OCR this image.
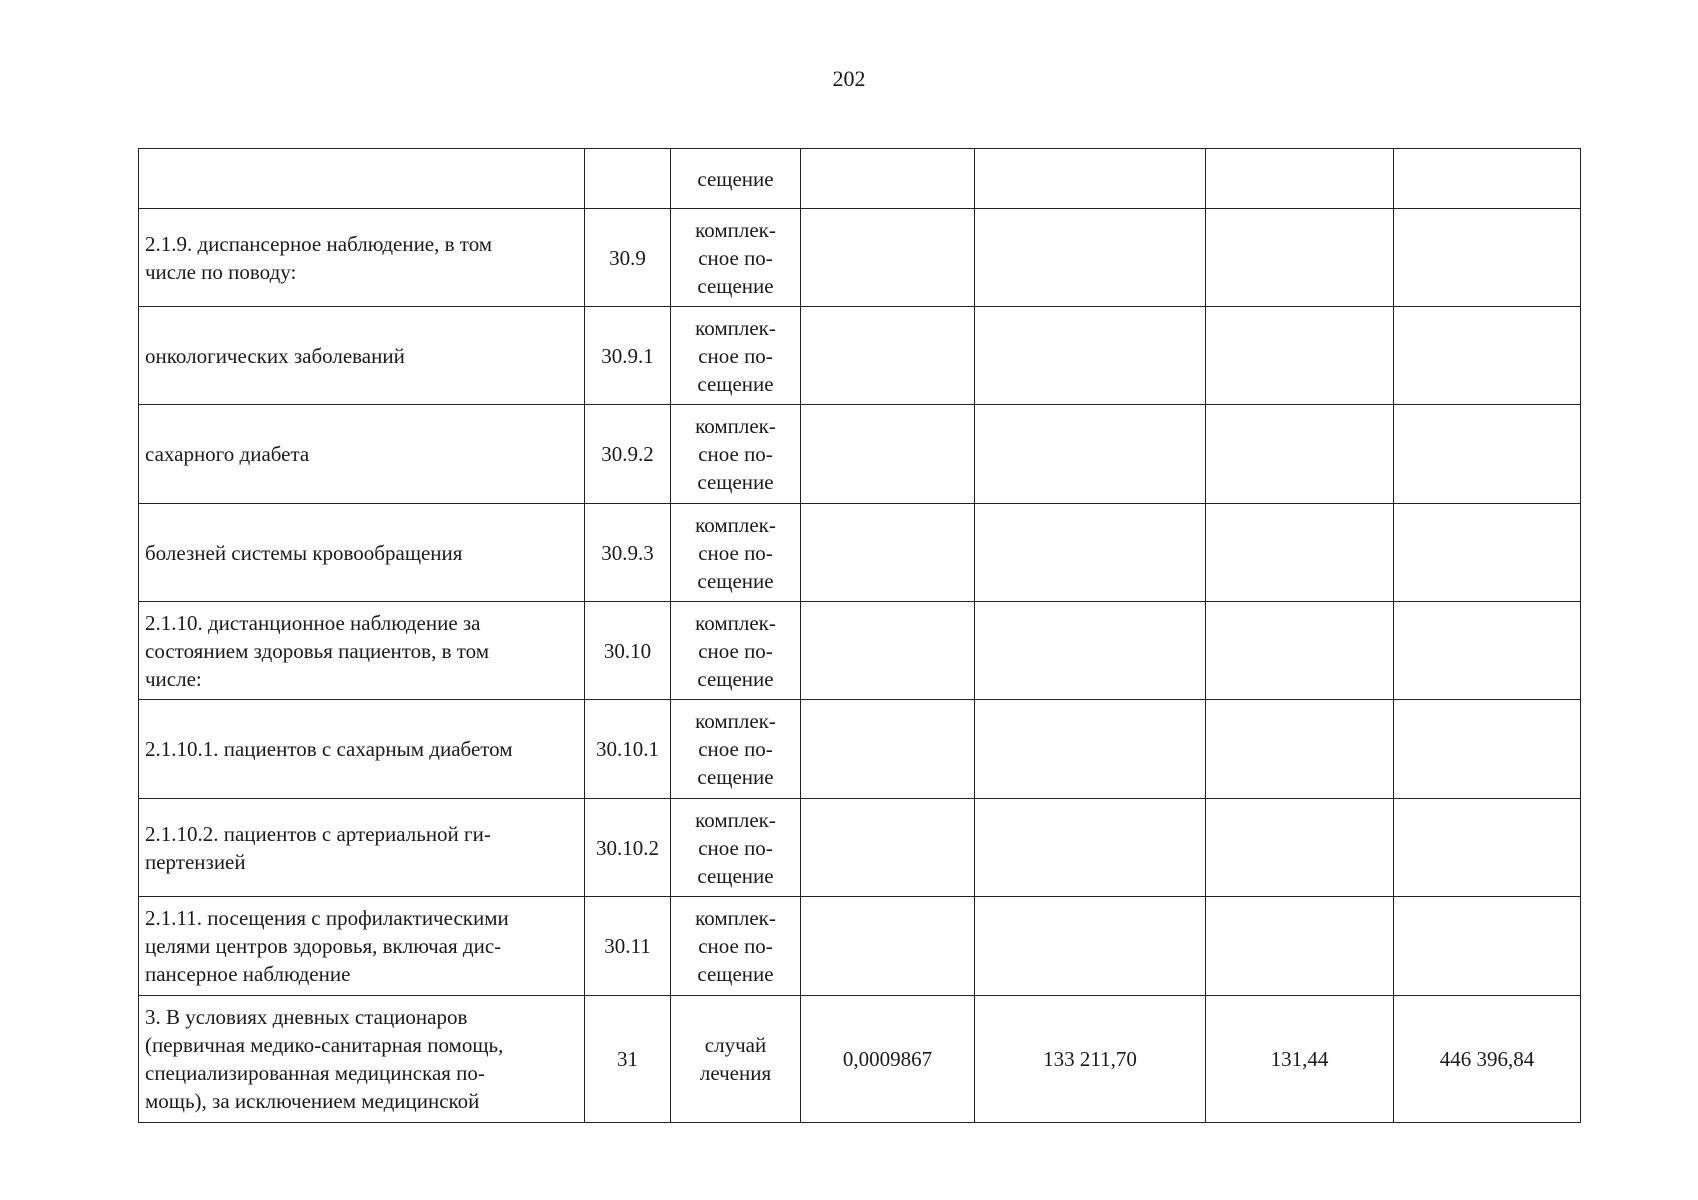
202

		сещение				

2.1.9. диспансерное наблюдение, в том
числе по поводу:	30.9	комплек-
сное по-
сещение				

онкологических заболеваний	30.9.1	комплек-
сное по-
сещение				

сахарного диабета	30.9.2	комплек-
сное по-
сещение				

болезней системы кровообращения	30.9.3	комплек-
сное по-
сещение				

2.1.10. дистанционное наблюдение за
состоянием здоровья пациентов, в том
числе:	30.10	комплек-
сное по-
сещение				

2.1.10.1. пациентов с сахарным диабетом	30.10.1	комплек-
сное по-
сещение				

2.1.10.2. пациентов с артериальной ги-
пертензией	30.10.2	комплек-
сное по-
сещение				

2.1.11. посещения с профилактическими
целями центров здоровья, включая дис-
пансерное наблюдение	30.11	комплек-
сное по-
сещение				

3. В условиях дневных стационаров
(первичная медико-санитарная помощь,
специализированная медицинская по-
мощь), за исключением медицинской	31	случай
лечения	0,0009867	133 211,70	131,44	446 396,84
